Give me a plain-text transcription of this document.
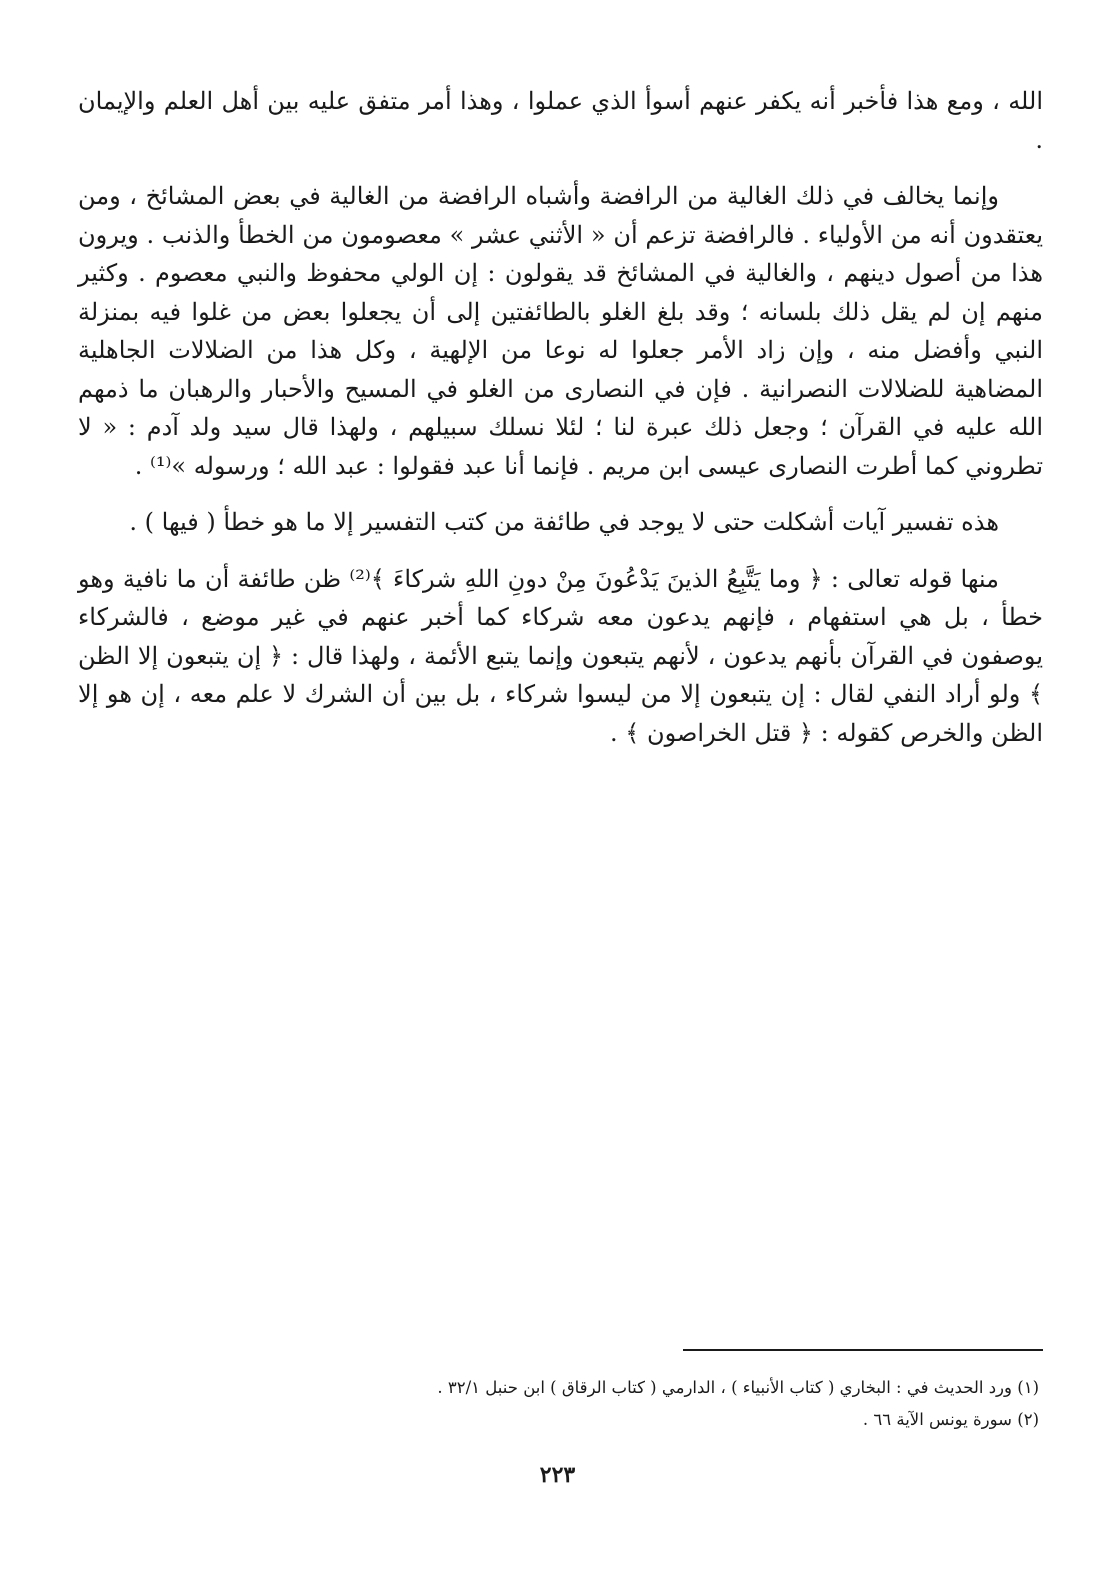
الله ، ومع هذا فأخبر أنه يكفر عنهم أسوأ الذي عملوا ، وهذا أمر متفق عليه بين أهل العلم والإيمان .

وإنما يخالف في ذلك الغالية من الرافضة وأشباه الرافضة من الغالية في بعض المشائخ ، ومن يعتقدون أنه من الأولياء . فالرافضة تزعم أن « الأثني عشر » معصومون من الخطأ والذنب . ويرون هذا من أصول دينهم ، والغالية في المشائخ قد يقولون : إن الولي محفوظ والنبي معصوم . وكثير منهم إن لم يقل ذلك بلسانه ؛ وقد بلغ الغلو بالطائفتين إلى أن يجعلوا بعض من غلوا فيه بمنزلة النبي وأفضل منه ، وإن زاد الأمر جعلوا له نوعا من الإلهية ، وكل هذا من الضلالات الجاهلية المضاهية للضلالات النصرانية . فإن في النصارى من الغلو في المسيح والأحبار والرهبان ما ذمهم الله عليه في القرآن ؛ وجعل ذلك عبرة لنا ؛ لئلا نسلك سبيلهم ، ولهذا قال سيد ولد آدم : « لا تطروني كما أطرت النصارى عيسى ابن مريم . فإنما أنا عبد فقولوا : عبد الله ؛ ورسوله »⁽¹⁾ .

هذه تفسير آيات أشكلت حتى لا يوجد في طائفة من كتب التفسير إلا ما هو خطأ ( فيها ) .

منها قوله تعالى : ﴿ وما يَتَّبِعُ الذينَ يَدْعُونَ مِنْ دونِ اللهِ شركاءَ ﴾⁽²⁾ ظن طائفة أن ما نافية وهو خطأ ، بل هي استفهام ، فإنهم يدعون معه شركاء كما أخبر عنهم في غير موضع ، فالشركاء يوصفون في القرآن بأنهم يدعون ، لأنهم يتبعون وإنما يتبع الأئمة ، ولهذا قال : ﴿ إن يتبعون إلا الظن ﴾ ولو أراد النفي لقال : إن يتبعون إلا من ليسوا شركاء ، بل بين أن الشرك لا علم معه ، إن هو إلا الظن والخرص كقوله : ﴿ قتل الخراصون ﴾ .

(١) ورد الحديث في : البخاري ( كتاب الأنبياء ) ، الدارمي ( كتاب الرقاق ) ابن حنبل ٣٢/١ .

(٢) سورة يونس الآية ٦٦ .

٢٢٣
